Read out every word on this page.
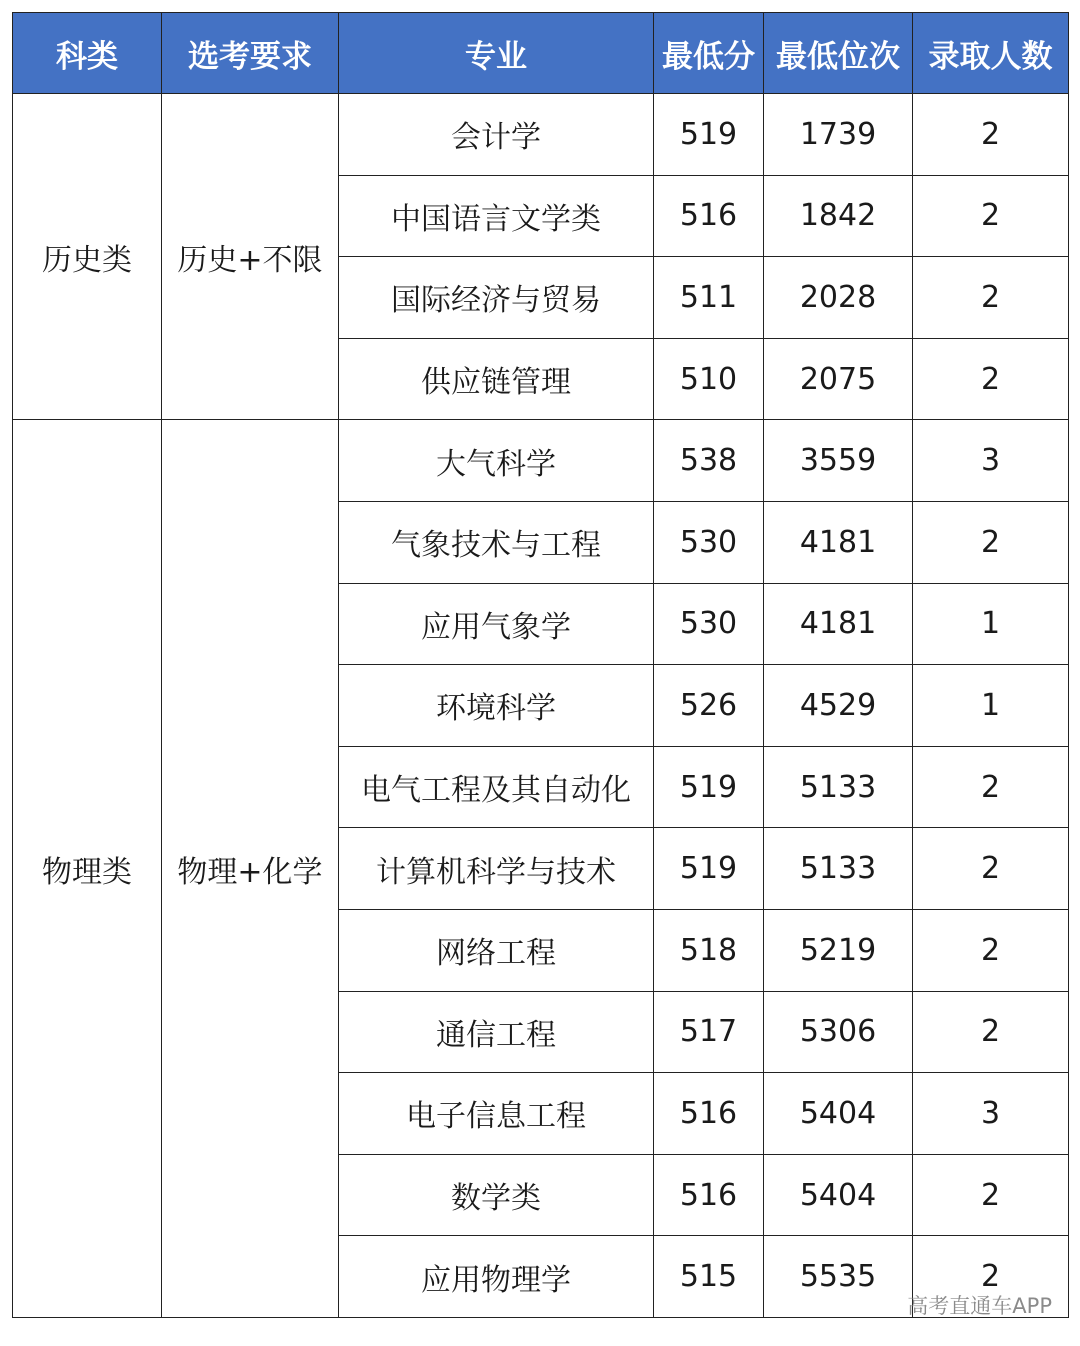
科类	选考要求	专业	最低分	最低位次	录取人数
历史类	历史+不限	会计学	519	1739	2
		中国语言文学类	516	1842	2
		国际经济与贸易	511	2028	2
		供应链管理	510	2075	2
物理类	物理+化学	大气科学	538	3559	3
		气象技术与工程	530	4181	2
		应用气象学	530	4181	1
		环境科学	526	4529	1
		电气工程及其自动化	519	5133	2
		计算机科学与技术	519	5133	2
		网络工程	518	5219	2
		通信工程	517	5306	2
		电子信息工程	516	5404	3
		数学类	516	5404	2
		应用物理学	515	5535	2
高考直通车APP
